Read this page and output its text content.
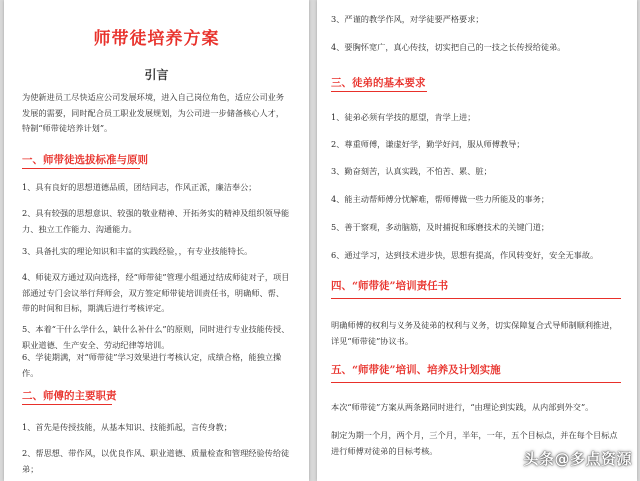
师带徒培养方案
引言

为使新进员工尽快适应公司发展环境，进入自己岗位角色，适应公司业务发展的需要，同时配合员工职业发展规划，为公司进一步储备核心人才，特制“师带徒培养计划”。

一、师带徒选拔标准与原则

1、具有良好的思想道德品质，团结同志，作风正派，廉洁奉公；

2、具有较强的思想意识、较强的敬业精神、开拓务实的精神及组织领导能力、独立工作能力、沟通能力。

3、具备扎实的理论知识和丰富的实践经验，，有专业技能特长。

4、师徒双方通过双向选择，经“师带徒”管理小组通过结成师徒对子，项目部通过专门会议举行拜师会，双方签定师带徒培训责任书，明确师、帮、带的时间和目标，期满后进行考核评定。

5、本着“干什么学什么，缺什么补什么”的原则，同时进行专业技能传授、职业道德、生产安全、劳动纪律等培训。

6、学徒期满，对“师带徒”学习效果进行考核认定，成绩合格，能独立操作。

二、师傅的主要职责

1、首先是传授技能，从基本知识、技能抓起，言传身教；

2、帮思想、带作风，以优良作风、职业道德、质量检查和管理经验传给徒弟；

3、严谨的教学作风，对学徒要严格要求；

4、要胸怀宽广，真心传技，切实把自己的一技之长传授给徒弟。

三、徒弟的基本要求

1、徒弟必须有学技的愿望，肯学上进；

2、尊重师傅，谦虚好学，勤学好问，服从师傅教导；

3、勤奋刻苦，认真实践，不怕苦、累、脏；

4、能主动帮师傅分忧解难，帮师傅做一些力所能及的事务；

5、善于察观，多动脑筋，及时捕捉和琢磨技术的关键门道；

6、通过学习，达到技术进步快，思想有提高，作风转变好，安全无事故。

四、“师带徒”培训责任书

明确师傅的权利与义务及徒弟的权利与义务，切实保障复合式导师制顺利推进，详见“师带徒”协议书。

五、“师带徒”培训、培养及计划实施

本次“师带徒”方案从两条路同时进行，“由理论到实践，从内部到外交”。

制定为期一个月，两个月，三个月，半年，一年，五个目标点，并在每个目标点进行师傅对徒弟的目标考核。	头条@多点资源
